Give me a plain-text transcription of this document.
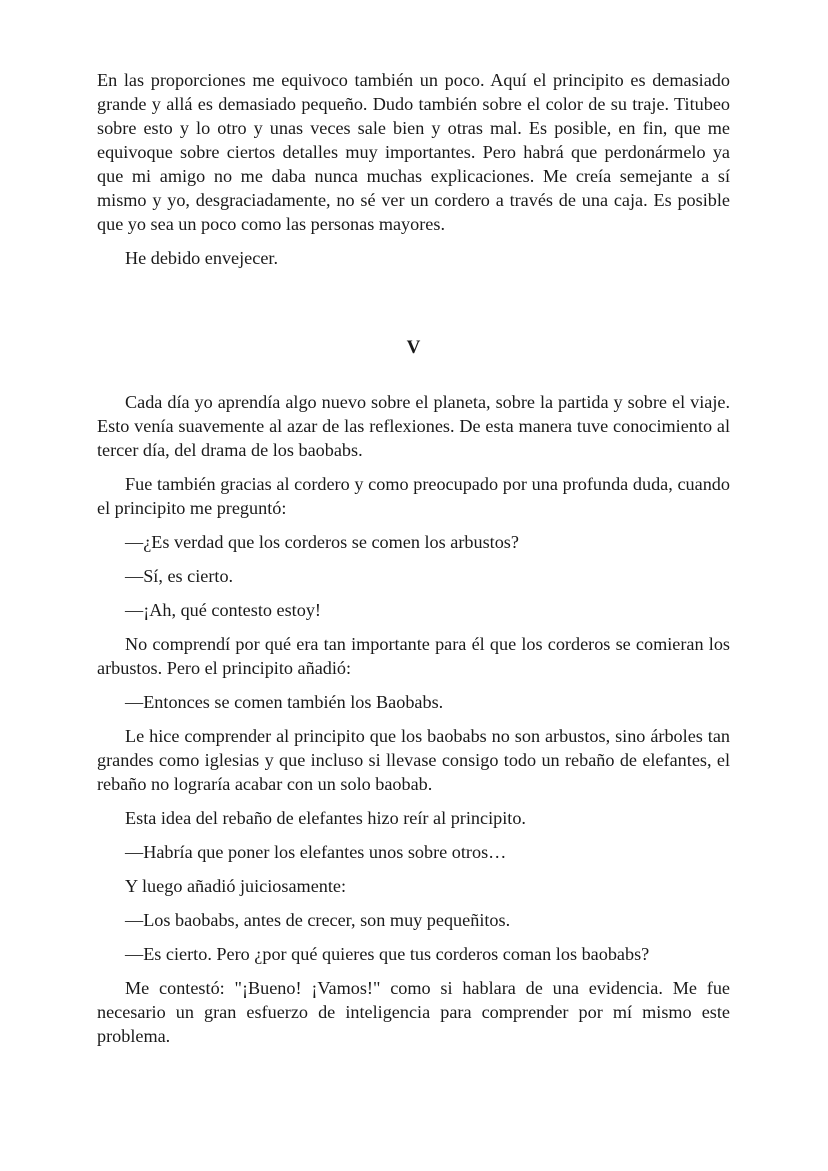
En las proporciones me equivoco también un poco. Aquí el principito es demasiado grande y allá es demasiado pequeño. Dudo también sobre el color de su traje. Titubeo sobre esto y lo otro y unas veces sale bien y otras mal. Es posible, en fin, que me equivoque sobre ciertos detalles muy importantes. Pero habrá que perdonármelo ya que mi amigo no me daba nunca muchas explicaciones. Me creía semejante a sí mismo y yo, desgraciadamente, no sé ver un cordero a través de una caja. Es posible que yo sea un poco como las personas mayores.

He debido envejecer.

V

Cada día yo aprendía algo nuevo sobre el planeta, sobre la partida y sobre el viaje. Esto venía suavemente al azar de las reflexiones. De esta manera tuve conocimiento al tercer día, del drama de los baobabs.

Fue también gracias al cordero y como preocupado por una profunda duda, cuando el principito me preguntó:

—¿Es verdad que los corderos se comen los arbustos?

—Sí, es cierto.

—¡Ah, qué contesto estoy!

No comprendí por qué era tan importante para él que los corderos se comieran los arbustos. Pero el principito añadió:

—Entonces se comen también los Baobabs.

Le hice comprender al principito que los baobabs no son arbustos, sino árboles tan grandes como iglesias y que incluso si llevase consigo todo un rebaño de elefantes, el rebaño no lograría acabar con un solo baobab.

Esta idea del rebaño de elefantes hizo reír al principito.

—Habría que poner los elefantes unos sobre otros…

Y luego añadió juiciosamente:

—Los baobabs, antes de crecer, son muy pequeñitos.

—Es cierto. Pero ¿por qué quieres que tus corderos coman los baobabs?

Me contestó: "¡Bueno! ¡Vamos!" como si hablara de una evidencia. Me fue necesario un gran esfuerzo de inteligencia para comprender por mí mismo este problema.
